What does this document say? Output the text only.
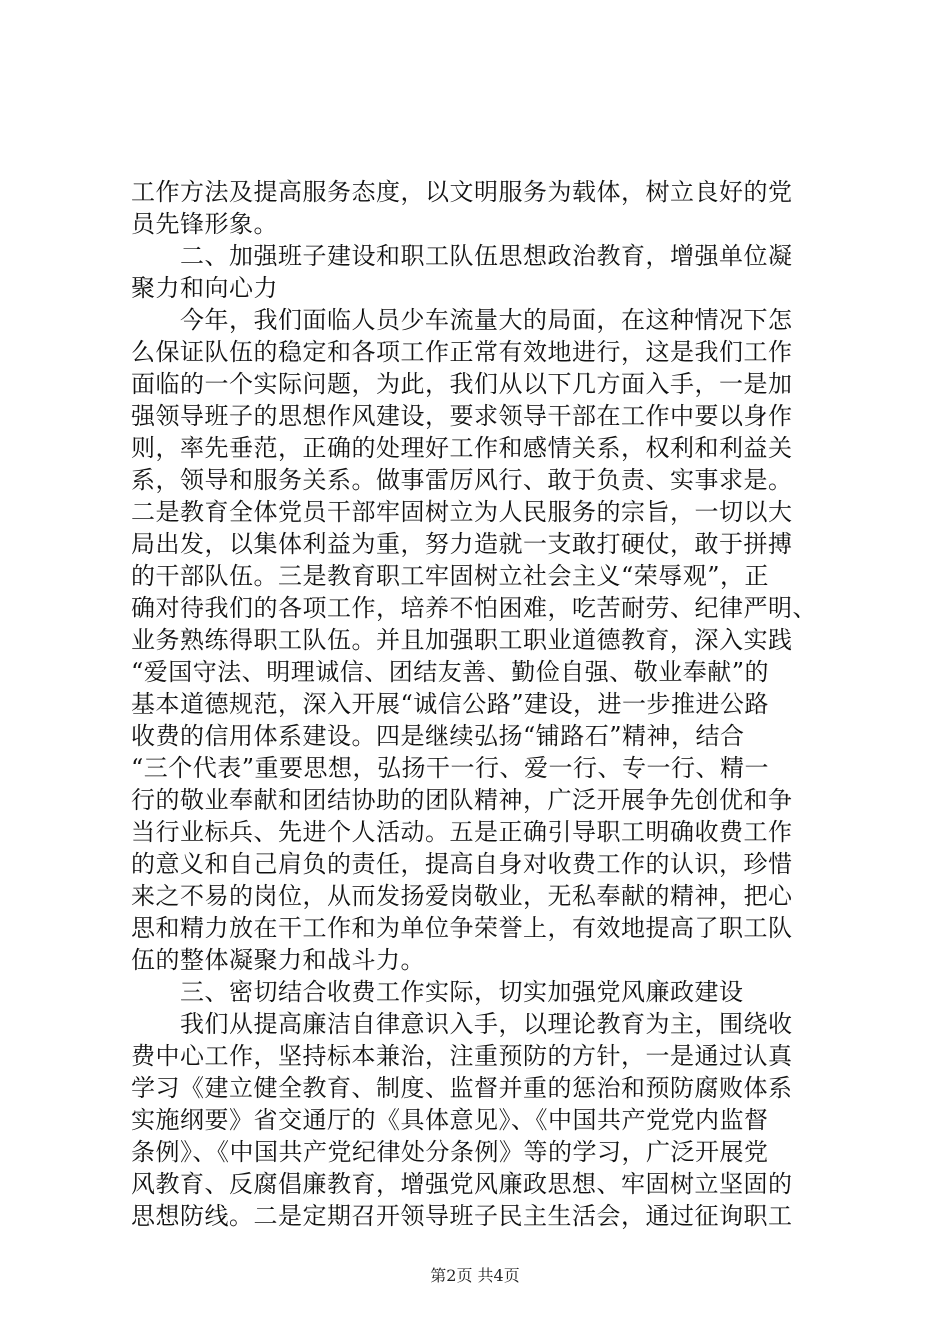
工作方法及提高服务态度，以文明服务为载体，树立良好的党
员先锋形象。
　　二、加强班子建设和职工队伍思想政治教育，增强单位凝
聚力和向心力
　　今年，我们面临人员少车流量大的局面，在这种情况下怎
么保证队伍的稳定和各项工作正常有效地进行，这是我们工作
面临的一个实际问题，为此，我们从以下几方面入手，一是加
强领导班子的思想作风建设，要求领导干部在工作中要以身作
则，率先垂范，正确的处理好工作和感情关系，权利和利益关
系，领导和服务关系。做事雷厉风行、敢于负责、实事求是。
二是教育全体党员干部牢固树立为人民服务的宗旨，一切以大
局出发，以集体利益为重，努力造就一支敢打硬仗，敢于拼搏
的干部队伍。三是教育职工牢固树立社会主义“荣辱观”，正
确对待我们的各项工作，培养不怕困难，吃苦耐劳、纪律严明、
业务熟练得职工队伍。并且加强职工职业道德教育，深入实践
“爱国守法、明理诚信、团结友善、勤俭自强、敬业奉献”的
基本道德规范，深入开展“诚信公路”建设，进一步推进公路
收费的信用体系建设。四是继续弘扬“铺路石”精神，结合
“三个代表”重要思想，弘扬干一行、爱一行、专一行、精一
行的敬业奉献和团结协助的团队精神，广泛开展争先创优和争
当行业标兵、先进个人活动。五是正确引导职工明确收费工作
的意义和自己肩负的责任，提高自身对收费工作的认识，珍惜
来之不易的岗位，从而发扬爱岗敬业，无私奉献的精神，把心
思和精力放在干工作和为单位争荣誉上，有效地提高了职工队
伍的整体凝聚力和战斗力。
　　三、密切结合收费工作实际，切实加强党风廉政建设
　　我们从提高廉洁自律意识入手，以理论教育为主，围绕收
费中心工作，坚持标本兼治，注重预防的方针，一是通过认真
学习《建立健全教育、制度、监督并重的惩治和预防腐败体系
实施纲要》省交通厅的《具体意见》、《中国共产党党内监督
条例》、《中国共产党纪律处分条例》等的学习，广泛开展党
风教育、反腐倡廉教育，增强党风廉政思想、牢固树立坚固的
思想防线。二是定期召开领导班子民主生活会，通过征询职工
第2页 共4页
